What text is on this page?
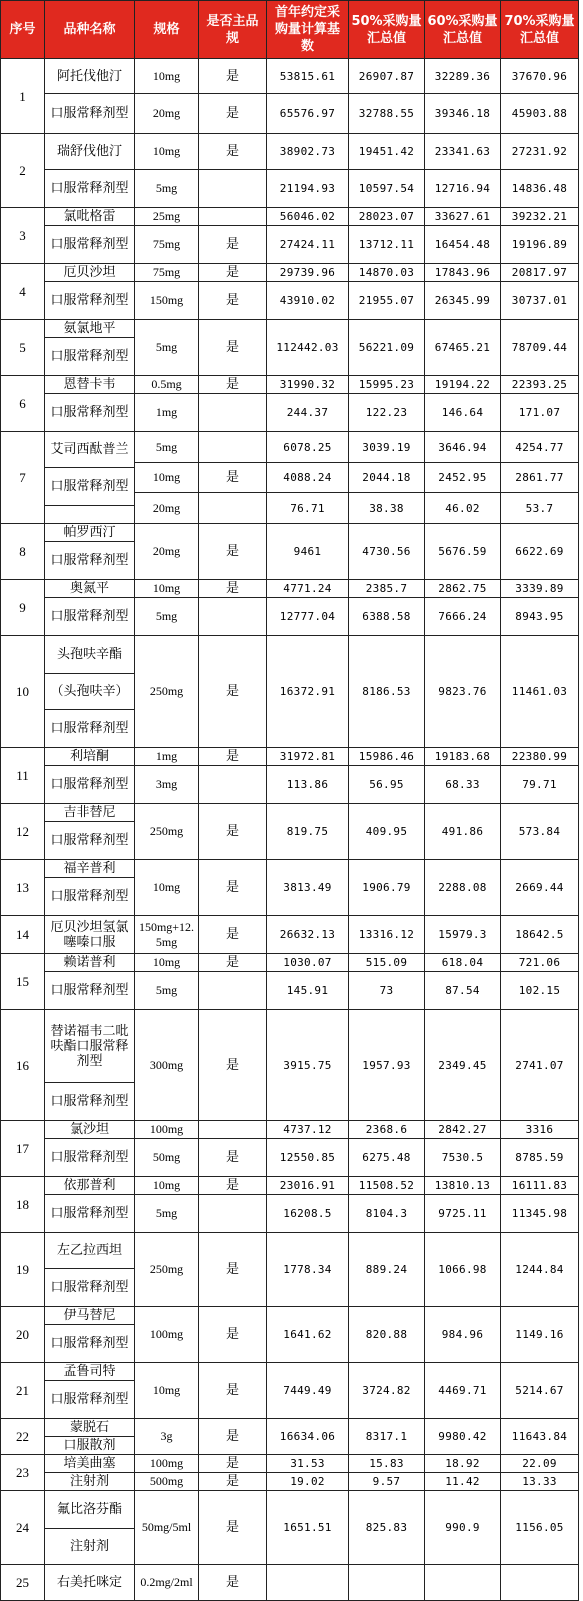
序号	品种名称	规格	是否主品规	首年约定采购量计算基数	50%采购量汇总值	60%采购量汇总值	70%采购量汇总值
1	阿托伐他汀	10mg	是	53815.61	26907.87	32289.36	37670.96
	口服常释剂型	20mg	是	65576.97	32788.55	39346.18	45903.88
2	瑞舒伐他汀	10mg	是	38902.73	19451.42	23341.63	27231.92
	口服常释剂型	5mg		21194.93	10597.54	12716.94	14836.48
3	氯吡格雷	25mg		56046.02	28023.07	33627.61	39232.21
	口服常释剂型	75mg	是	27424.11	13712.11	16454.48	19196.89
4	厄贝沙坦	75mg	是	29739.96	14870.03	17843.96	20817.97
	口服常释剂型	150mg	是	43910.02	21955.07	26345.99	30737.01
5	氨氯地平	5mg	是	112442.03	56221.09	67465.21	78709.44
	口服常释剂型						
6	恩替卡韦	0.5mg	是	31990.32	15995.23	19194.22	22393.25
	口服常释剂型	1mg		244.37	122.23	146.64	171.07
7	艾司西酞普兰	5mg		6078.25	3039.19	3646.94	4254.77
		10mg	是	4088.24	2044.18	2452.95	2861.77
	口服常释剂型						
		20mg		76.71	38.38	46.02	53.7

8	帕罗西汀	20mg	是	9461	4730.56	5676.59	6622.69
	口服常释剂型						
9	奥氮平	10mg	是	4771.24	2385.7	2862.75	3339.89
	口服常释剂型	5mg		12777.04	6388.58	7666.24	8943.95
10	头孢呋辛酯	250mg	是	16372.91	8186.53	9823.76	11461.03
	（头孢呋辛）						
	口服常释剂型						
11	利培酮	1mg	是	31972.81	15986.46	19183.68	22380.99
	口服常释剂型	3mg		113.86	56.95	68.33	79.71
12	吉非替尼	250mg	是	819.75	409.95	491.86	573.84
	口服常释剂型						
13	福辛普利	10mg	是	3813.49	1906.79	2288.08	2669.44
	口服常释剂型						
14	厄贝沙坦氢氯噻嗪口服	150mg+12.5mg	是	26632.13	13316.12	15979.3	18642.5
15	赖诺普利	10mg	是	1030.07	515.09	618.04	721.06
	口服常释剂型	5mg		145.91	73	87.54	102.15
16	替诺福韦二吡呋酯口服常释剂型	300mg	是	3915.75	1957.93	2349.45	2741.07
	口服常释剂型						
17	氯沙坦	100mg		4737.12	2368.6	2842.27	3316
	口服常释剂型	50mg	是	12550.85	6275.48	7530.5	8785.59
18	依那普利	10mg	是	23016.91	11508.52	13810.13	16111.83
	口服常释剂型	5mg		16208.5	8104.3	9725.11	11345.98
19	左乙拉西坦	250mg	是	1778.34	889.24	1066.98	1244.84
	口服常释剂型						
20	伊马替尼	100mg	是	1641.62	820.88	984.96	1149.16
	口服常释剂型						
21	孟鲁司特	10mg	是	7449.49	3724.82	4469.71	5214.67
	口服常释剂型						
22	蒙脱石	3g	是	16634.06	8317.1	9980.42	11643.84
	口服散剂						
23	培美曲塞	100mg	是	31.53	15.83	18.92	22.09
	注射剂	500mg	是	19.02	9.57	11.42	13.33
24	氟比洛芬酯	50mg/5ml	是	1651.51	825.83	990.9	1156.05
	注射剂						
25	右美托咪定	0.2mg/2ml	是				
